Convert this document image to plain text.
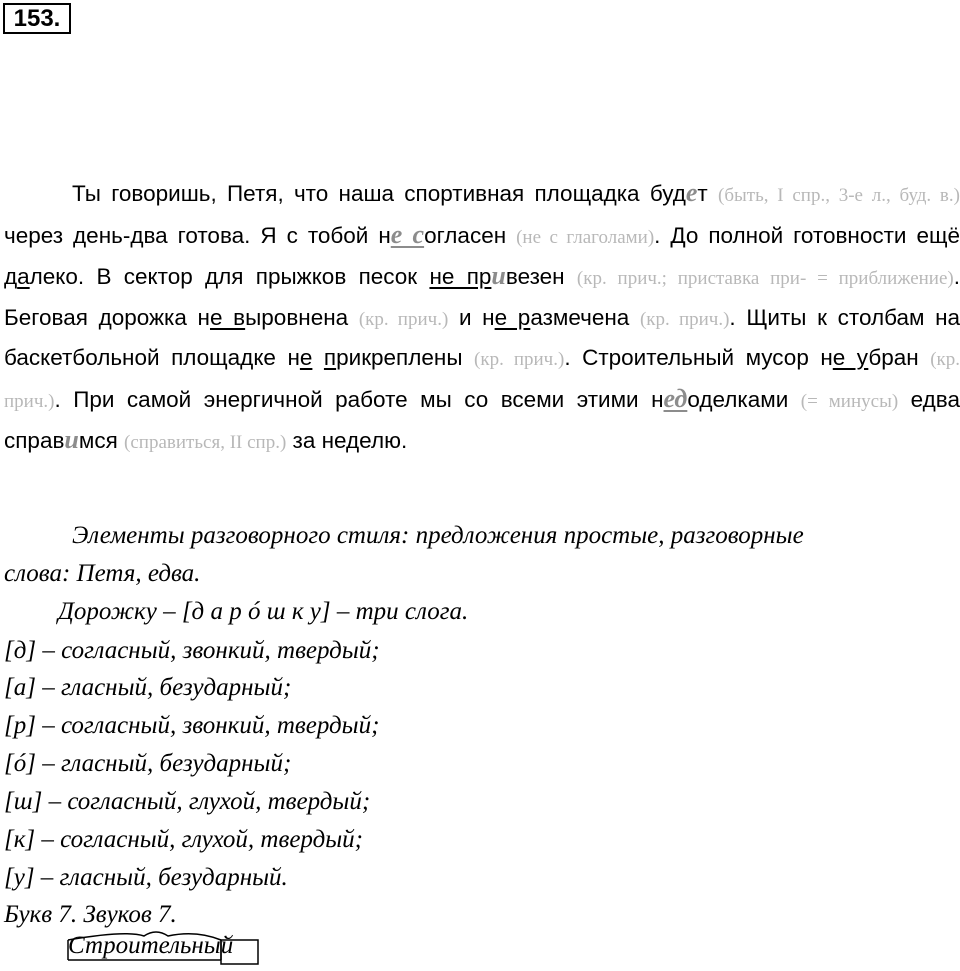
153.

Ты говоришь, Петя, что наша спортивная площадка будет (быть, I спр., 3-е л., буд. в.) через день-два готова. Я с тобой не согласен (не с глаголами). До полной готовности ещё далеко. В сектор для прыжков песок не привезен (кр. прич.; приставка при- = приближение). Беговая дорожка не выровнена (кр. прич.) и не размечена (кр. прич.). Щиты к столбам на баскетбольной площадке не прикреплены (кр. прич.). Строительный мусор не убран (кр. прич.). При самой энергичной работе мы со всеми этими недоделками (= минусы) едва справимся (справиться, II спр.) за неделю.

Элементы разговорного стиля: предложения простые, разговорные

слова: Петя, едва.

Дорожку – [д а р ó ш к у] – три слога.

[д] – согласный, звонкий, твердый;

[а] – гласный, безударный;

[р] – согласный, звонкий, твердый;

[ó] – гласный, безударный;

[ш] – согласный, глухой, твердый;

[к] – согласный, глухой, твердый;

[у] – гласный, безударный.

Букв 7. Звуков 7.

Строительный
